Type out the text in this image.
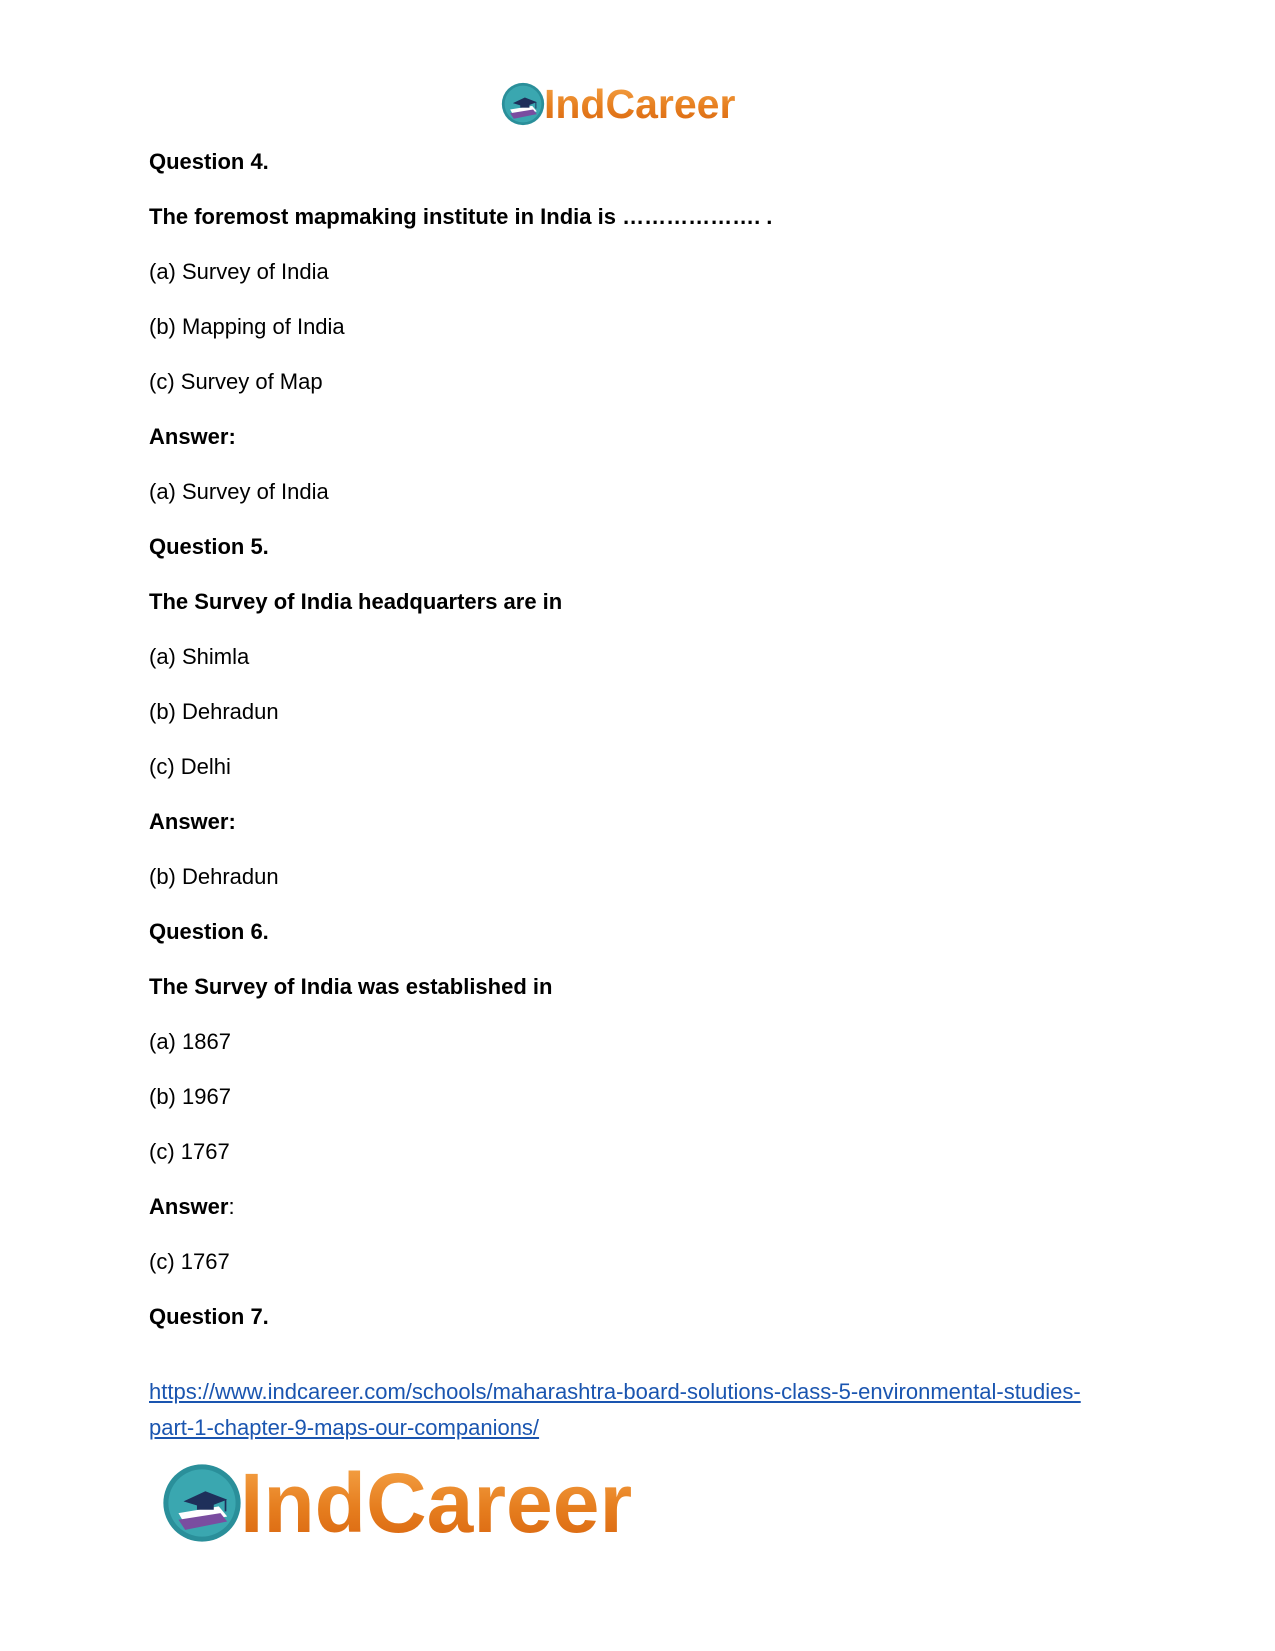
IndCareer
Question 4.
The foremost mapmaking institute in India is ………………. .
(a) Survey of India
(b) Mapping of India
(c) Survey of Map
Answer:
(a) Survey of India
Question 5.
The Survey of India headquarters are in
(a) Shimla
(b) Dehradun
(c) Delhi
Answer:
(b) Dehradun
Question 6.
The Survey of India was established in
(a) 1867
(b) 1967
(c) 1767
Answer:
(c) 1767
Question 7.
https://www.indcareer.com/schools/maharashtra-board-solutions-class-5-environmental-studies-
part-1-chapter-9-maps-our-companions/
IndCareer
